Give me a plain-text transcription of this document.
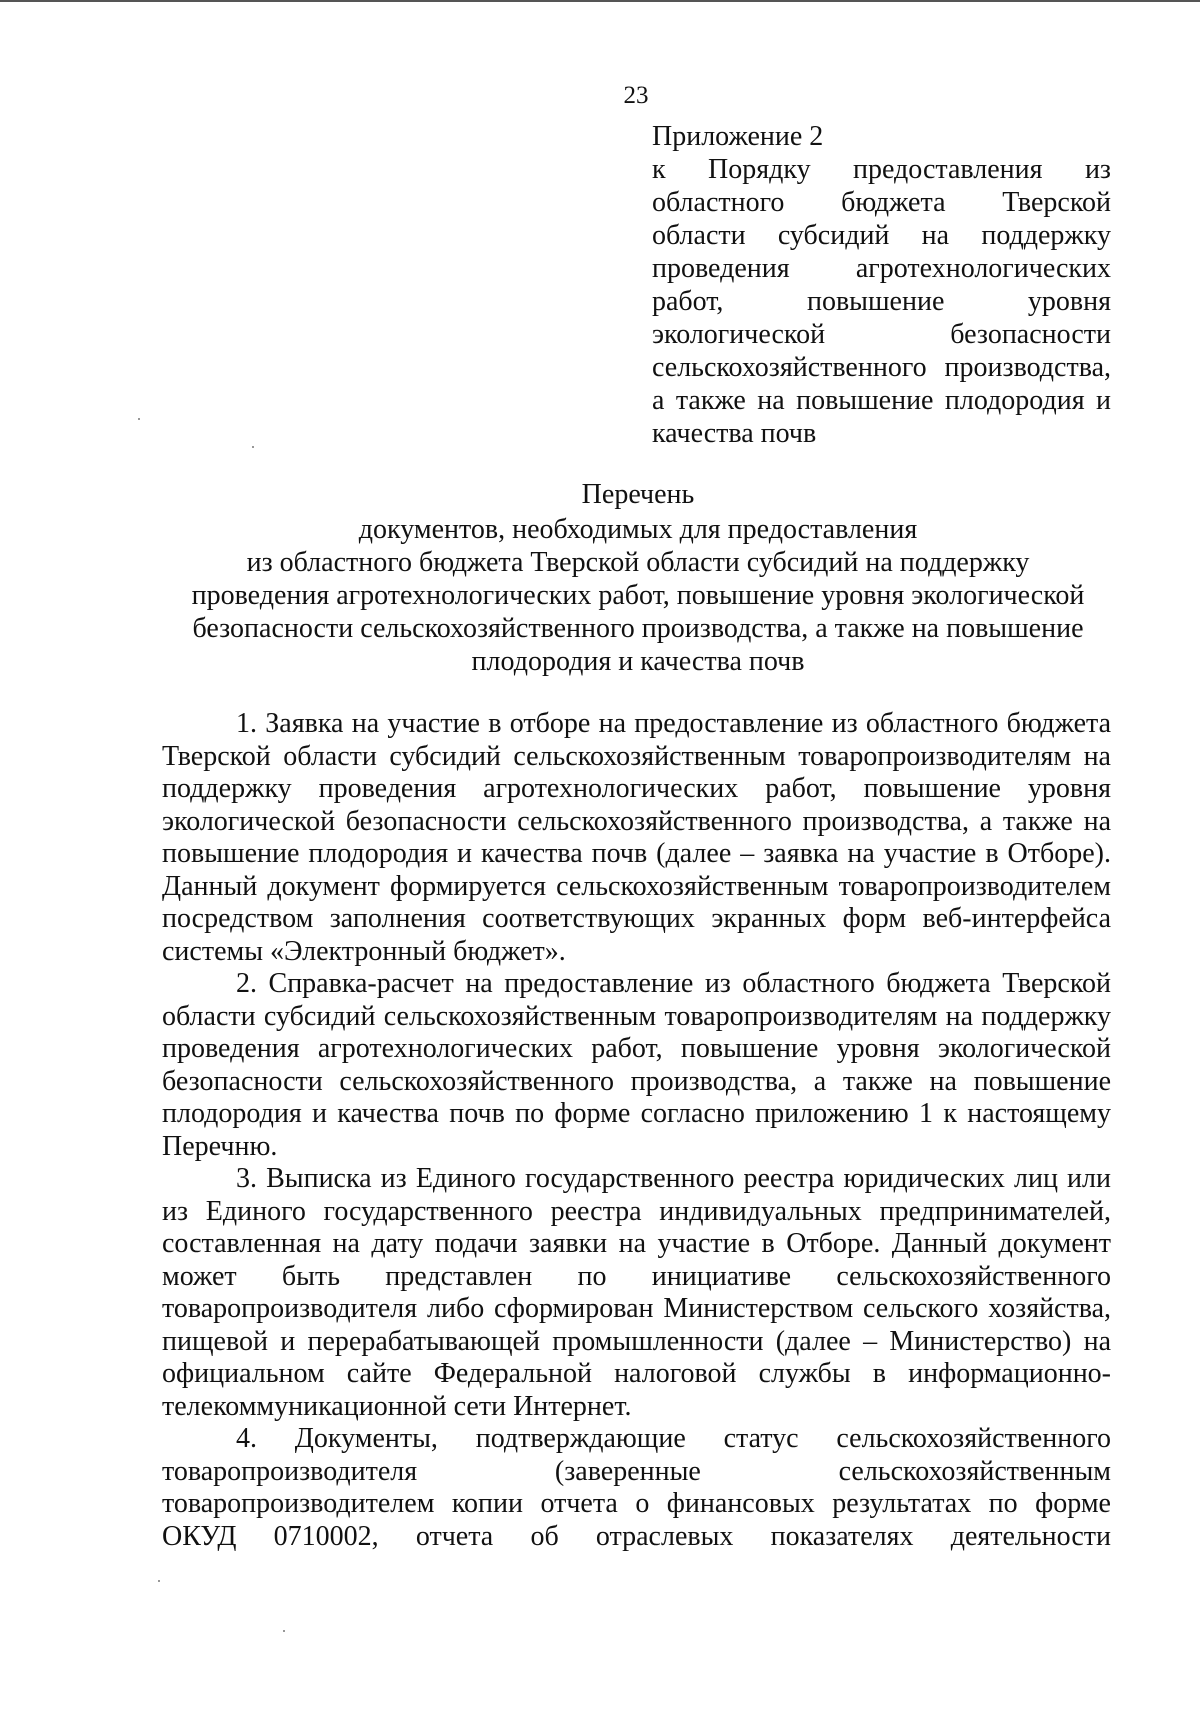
23
Приложение 2
к Порядку предоставления из областного бюджета Тверской области субсидий на поддержку проведения агротехнологических работ, повышение уровня экологической безопасности сельскохозяйственного производства, а также на повышение плодородия и качества почв
Перечень
документов, необходимых для предоставления
из областного бюджета Тверской области субсидий на поддержку
проведения агротехнологических работ, повышение уровня экологической
безопасности сельскохозяйственного производства, а также на повышение
плодородия и качества почв

1. Заявка на участие в отборе на предоставление из областного бюджета Тверской области субсидий сельскохозяйственным товаропроизводителям на поддержку проведения агротехнологических работ, повышение уровня экологической безопасности сельскохозяйственного производства, а также на повышение плодородия и качества почв (далее – заявка на участие в Отборе). Данный документ формируется сельскохозяйственным товаропроизводителем посредством заполнения соответствующих экранных форм веб-интерфейса системы «Электронный бюджет».

2. Справка-расчет на предоставление из областного бюджета Тверской области субсидий сельскохозяйственным товаропроизводителям на поддержку проведения агротехнологических работ, повышение уровня экологической безопасности сельскохозяйственного производства, а также на повышение плодородия и качества почв по форме согласно приложению 1 к настоящему Перечню.

3. Выписка из Единого государственного реестра юридических лиц или из Единого государственного реестра индивидуальных предпринимателей, составленная на дату подачи заявки на участие в Отборе. Данный документ может быть представлен по инициативе сельскохозяйственного товаропроизводителя либо сформирован Министерством сельского хозяйства, пищевой и перерабатывающей промышленности (далее – Министерство) на официальном сайте Федеральной налоговой службы в информационно-телекоммуникационной сети Интернет.

4. Документы, подтверждающие статус сельскохозяйственного товаропроизводителя (заверенные сельскохозяйственным товаропроизводителем копии отчета о финансовых результатах по форме ОКУД 0710002, отчета об отраслевых показателях деятельности
